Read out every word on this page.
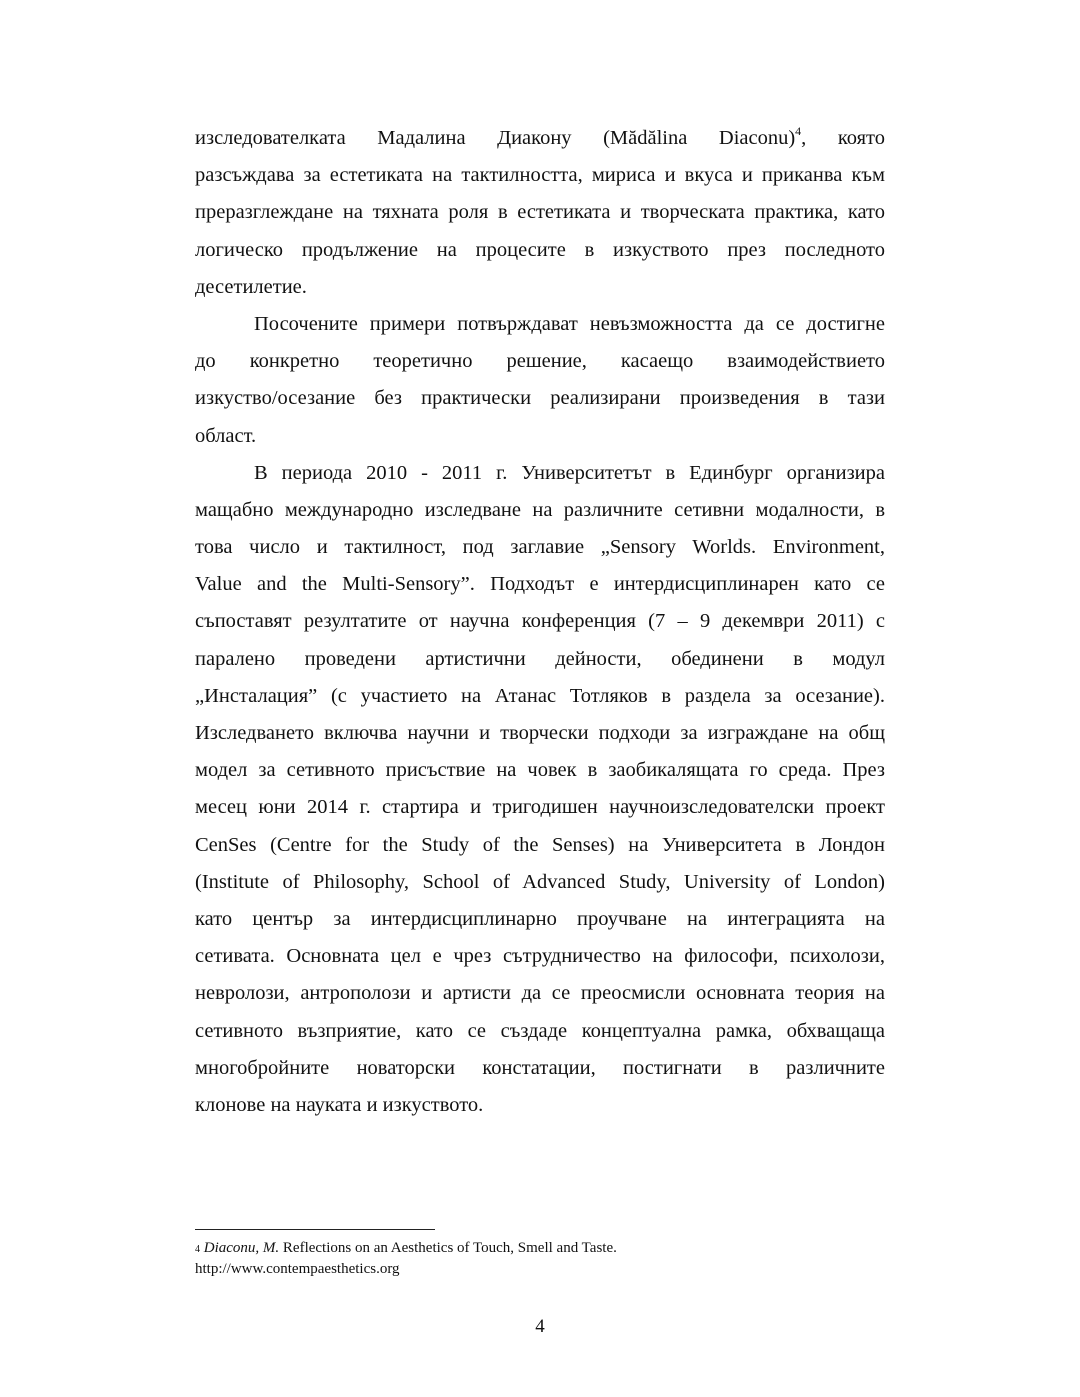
изследователката Мадалина Диакону (Mădălina Diaconu)$^4$, която
разсъждава за естетиката на тактилността, мириса и вкуса и приканва към
преразглеждане на тяхната роля в естетиката и творческата практика, като
логическо продължение на процесите в изкуството през последното
десетилетие.
Посочените примери потвърждават невъзможността да се достигне
до конкретно теоретично решение, касаещо взаимодействието
изкуство/осезание без практически реализирани произведения в тази
област.
В периода 2010 - 2011 г. Университетът в Единбург организира
мащабно международно изследване на различните сетивни модалности, в
това число и тактилност, под заглавие „Sensory Worlds. Environment,
Value and the Multi-Sensory”. Подходът е интердисциплинарен като се
съпоставят резултатите от научна конференция (7 – 9 декември 2011) с
паралено проведени артистични дейности, обединени в модул
„Инсталация” (с участието на Атанас Тотляков в раздела за осезание).
Изследването включва научни и творчески подходи за изграждане на общ
модел за сетивното присъствие на човек в заобикалящата го среда. През
месец юни 2014 г. стартира и тригодишен научноизследователски проект
CenSes (Centre for the Study of the Senses) на Университета в Лондон
(Institute of Philosophy, School of Advanced Study, University of London)
като център за интердисциплинарно проучване на интеграцията на
сетивата. Основната цел е чрез сътрудничество на философи, психолози,
невролози, антрополози и артисти да се преосмисли основната теория на
сетивното възприятие, като се създаде концептуална рамка, обхващаща
многобройните новаторски констатации, постигнати в различните
клонове на науката и изкуството.
$^4$ Diaconu, M. Reflections on an Aesthetics of Touch, Smell and Taste.
http://www.contempaesthetics.org
4
